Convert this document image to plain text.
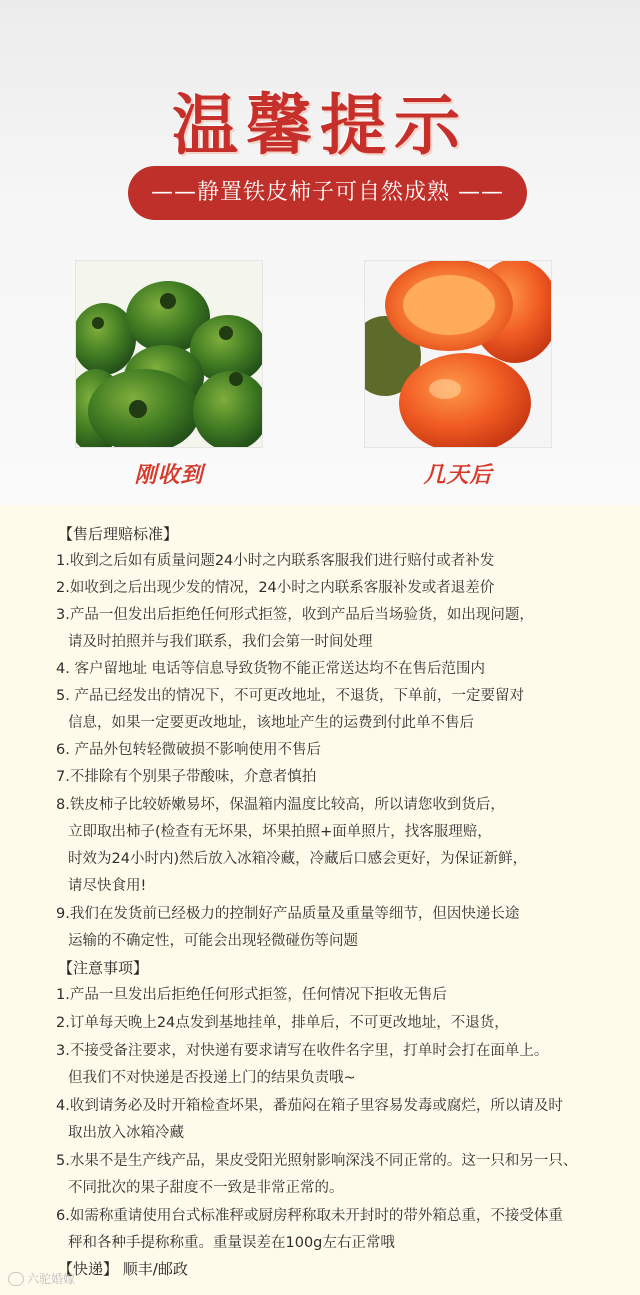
温馨提示
——静置铁皮柿子可自然成熟 ——
刚收到	几天后
【售后理赔标准】
1.收到之后如有质量问题24小时之内联系客服我们进行赔付或者补发
2.如收到之后出现少发的情况，24小时之内联系客服补发或者退差价
3.产品一但发出后拒绝任何形式拒签，收到产品后当场验货，如出现问题，
请及时拍照并与我们联系，我们会第一时间处理
4. 客户留地址 电话等信息导致货物不能正常送达均不在售后范围内
5. 产品已经发出的情况下，不可更改地址，不退货，下单前，一定要留对
信息，如果一定要更改地址，该地址产生的运费到付此单不售后
6. 产品外包转轻微破损不影响使用不售后
7.不排除有个别果子带酸味，介意者慎拍
8.铁皮柿子比较娇嫩易坏，保温箱内温度比较高，所以请您收到货后，
立即取出柿子(检查有无坏果，坏果拍照+面单照片，找客服理赔，
时效为24小时内)然后放入冰箱冷藏，冷藏后口感会更好，为保证新鲜，
请尽快食用!
9.我们在发货前已经极力的控制好产品质量及重量等细节，但因快递长途
运输的不确定性，可能会出现轻微碰伤等问题
【注意事项】
1.产品一旦发出后拒绝任何形式拒签，任何情况下拒收无售后
2.订单每天晚上24点发到基地挂单，排单后，不可更改地址，不退货，
3.不接受备注要求，对快递有要求请写在收件名字里，打单时会打在面单上。
但我们不对快递是否投递上门的结果负责哦~
4.收到请务必及时开箱检查坏果，番茄闷在箱子里容易发毒或腐烂，所以请及时
取出放入冰箱冷藏
5.水果不是生产线产品，果皮受阳光照射影响深浅不同正常的。这一只和另一只、
不同批次的果子甜度不一致是非常正常的。
6.如需称重请使用台式标准秤或厨房秤称取未开封时的带外箱总重，不接受体重
秤和各种手提称称重。重量误差在100g左右正常哦
【快递】 顺丰/邮政
六驼婚嫁
